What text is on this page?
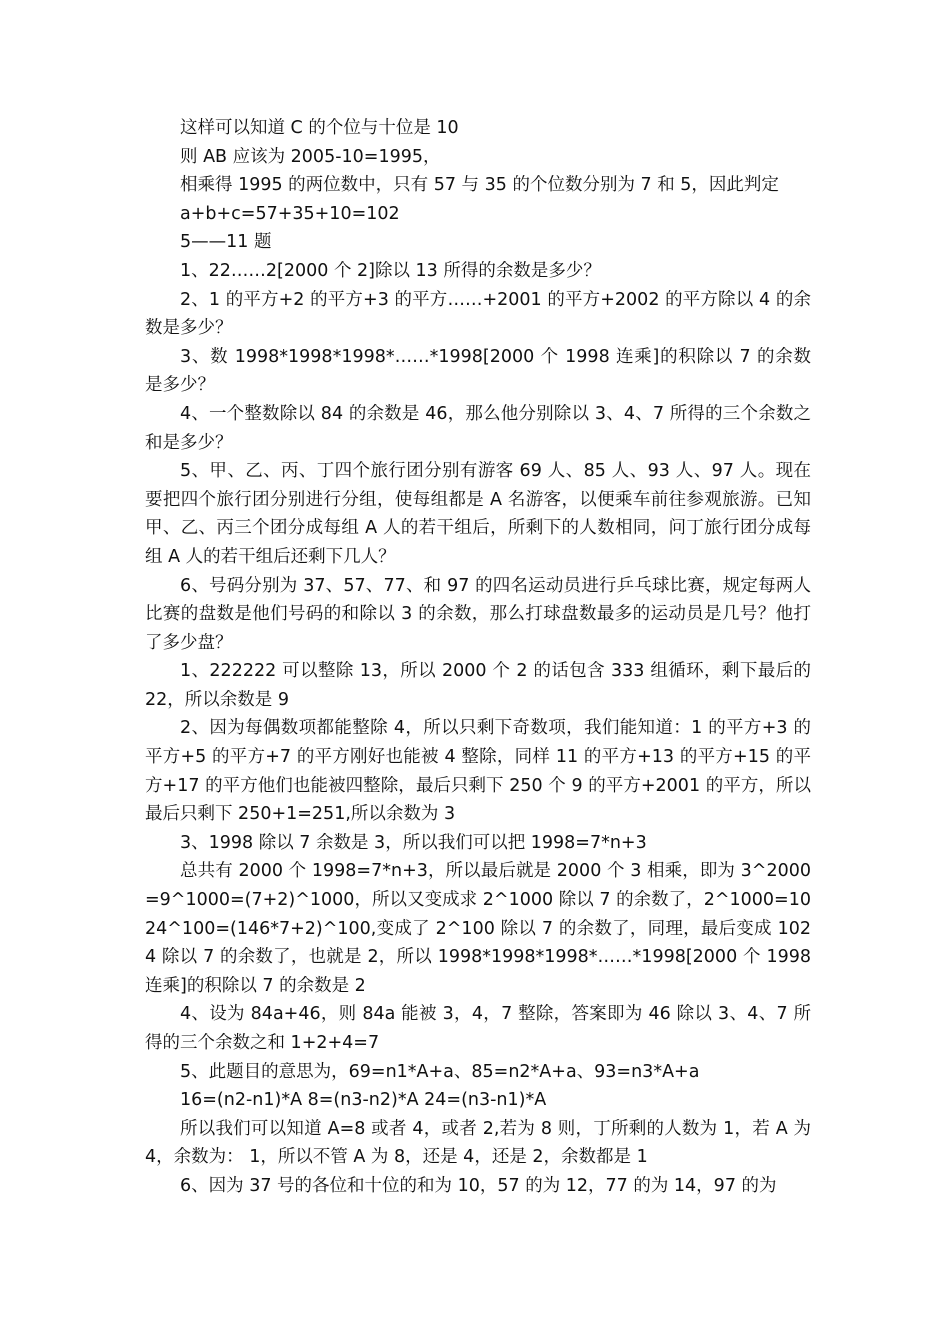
这样可以知道 C 的个位与十位是 10

则 AB 应该为 2005-10=1995，

相乘得 1995 的两位数中，只有 57 与 35 的个位数分别为 7 和 5，因此判定

a+b+c=57+35+10=102

5——11 题

1、22……2[2000 个 2]除以 13 所得的余数是多少？

2、1 的平方+2 的平方+3 的平方……+2001 的平方+2002 的平方除以 4 的余数是多少？

3、数 1998*1998*1998*……*1998[2000 个 1998 连乘]的积除以 7 的余数是多少？

4、一个整数除以 84 的余数是 46，那么他分别除以 3、4、7 所得的三个余数之和是多少？

5、甲、乙、丙、丁四个旅行团分别有游客 69 人、85 人、93 人、97 人。现在要把四个旅行团分别进行分组，使每组都是 A 名游客，以便乘车前往参观旅游。已知甲、乙、丙三个团分成每组 A 人的若干组后，所剩下的人数相同，问丁旅行团分成每组 A 人的若干组后还剩下几人？

6、号码分别为 37、57、77、和 97 的四名运动员进行乒乓球比赛，规定每两人比赛的盘数是他们号码的和除以 3 的余数，那么打球盘数最多的运动员是几号？他打了多少盘？

1、222222 可以整除 13，所以 2000 个 2 的话包含 333 组循环，剩下最后的 22，所以余数是 9

2、因为每偶数项都能整除 4，所以只剩下奇数项，我们能知道：1 的平方+3 的平方+5 的平方+7 的平方刚好也能被 4 整除，同样 11 的平方+13 的平方+15 的平方+17 的平方他们也能被四整除，最后只剩下 250 个 9 的平方+2001 的平方，所以最后只剩下 250+1=251,所以余数为 3

3、1998 除以 7 余数是 3，所以我们可以把 1998=7*n+3

总共有 2000 个 1998=7*n+3，所以最后就是 2000 个 3 相乘，即为 3^2000=9^1000=(7+2)^1000，所以又变成求 2^1000 除以 7 的余数了，2^1000=1024^100=(146*7+2)^100,变成了 2^100 除以 7 的余数了，同理，最后变成 1024 除以 7 的余数了，也就是 2，所以 1998*1998*1998*……*1998[2000 个 1998 连乘]的积除以 7 的余数是 2

4、设为 84a+46，则 84a 能被 3，4，7 整除，答案即为 46 除以 3、4、7 所得的三个余数之和 1+2+4=7

5、此题目的意思为，69=n1*A+a、85=n2*A+a、93=n3*A+a

16=(n2-n1)*A 8=(n3-n2)*A 24=(n3-n1)*A

所以我们可以知道 A=8 或者 4，或者 2,若为 8 则，丁所剩的人数为 1，若 A 为 4，余数为： 1，所以不管 A 为 8，还是 4，还是 2，余数都是 1

6、因为 37 号的各位和十位的和为 10，57 的为 12，77 的为 14，97 的为
